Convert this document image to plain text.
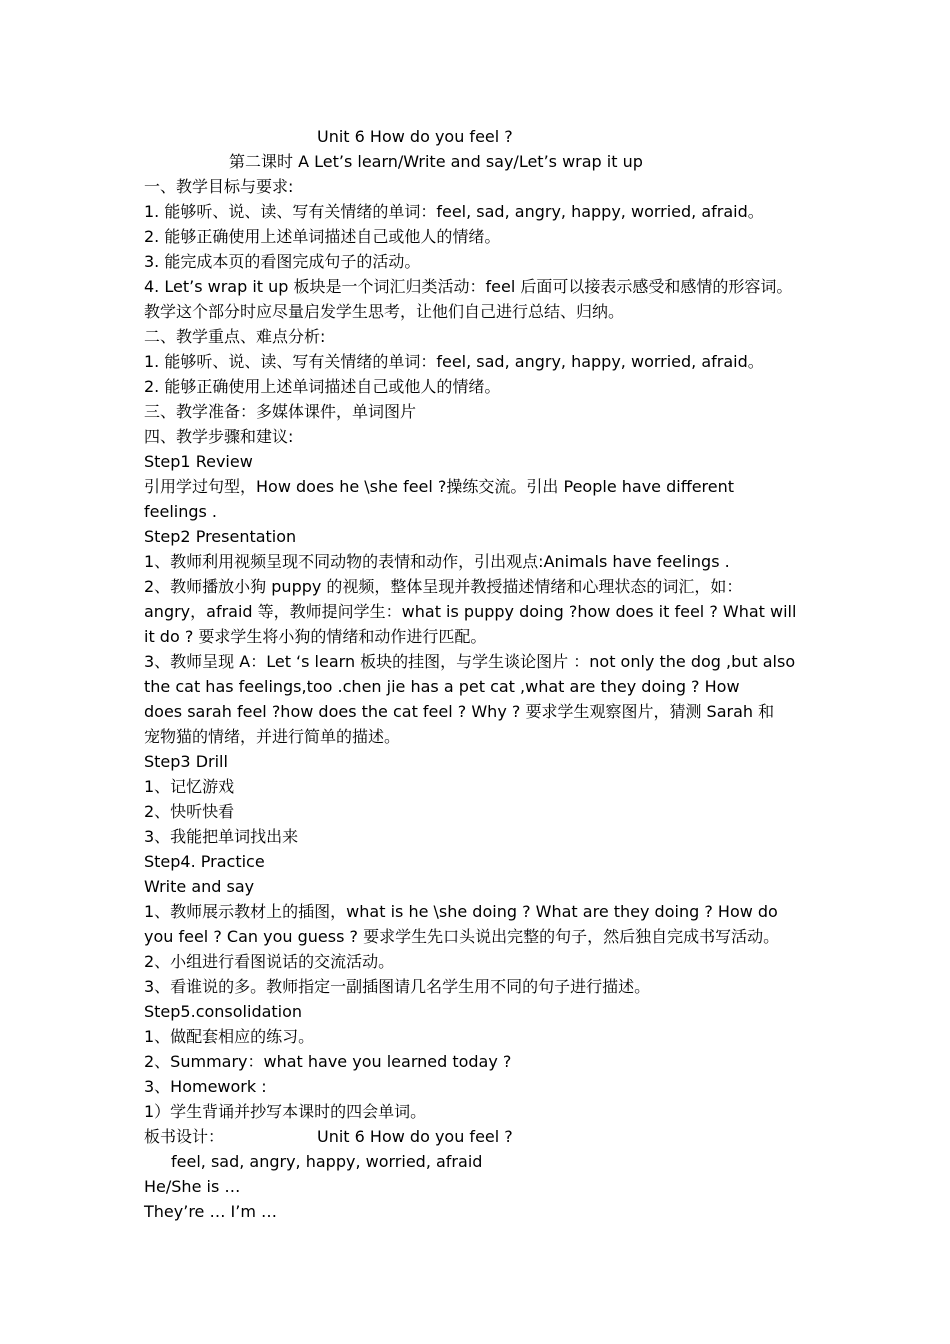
Unit 6 How do you feel ?
第二课时 A Let’s learn/Write and say/Let’s wrap it up
一、教学目标与要求:
1. 能够听、说、读、写有关情绪的单词：feel, sad, angry, happy, worried, afraid。
2. 能够正确使用上述单词描述自己或他人的情绪。
3. 能完成本页的看图完成句子的活动。
4. Let’s wrap it up 板块是一个词汇归类活动：feel 后面可以接表示感受和感情的形容词。
教学这个部分时应尽量启发学生思考，让他们自己进行总结、归纳。
二、教学重点、难点分析:
1. 能够听、说、读、写有关情绪的单词：feel, sad, angry, happy, worried, afraid。
2. 能够正确使用上述单词描述自己或他人的情绪。
三、教学准备：多媒体课件，单词图片
四、教学步骤和建议:
Step1 Review
引用学过句型，How does he \she feel ?操练交流。引出 People have different
feelings .
Step2 Presentation
1、教师利用视频呈现不同动物的表情和动作，引出观点:Animals have feelings .
2、教师播放小狗 puppy 的视频，整体呈现并教授描述情绪和心理状态的词汇，如：
angry，afraid 等，教师提问学生：what is puppy doing ?how does it feel ? What will
it do ? 要求学生将小狗的情绪和动作进行匹配。
3、教师呈现 A：Let ‘s learn 板块的挂图，与学生谈论图片 ：not only the dog ,but also
the cat has feelings,too .chen jie has a pet cat ,what are they doing ? How
does sarah feel ?how does the cat feel ? Why ? 要求学生观察图片，猜测 Sarah 和
宠物猫的情绪，并进行简单的描述。
Step3 Drill
1、记忆游戏
2、快听快看
3、我能把单词找出来
Step4. Practice
Write and say
1、教师展示教材上的插图，what is he \she doing ? What are they doing ? How do
you feel ? Can you guess ? 要求学生先口头说出完整的句子，然后独自完成书写活动。
2、小组进行看图说话的交流活动。
3、看谁说的多。教师指定一副插图请几名学生用不同的句子进行描述。
Step5.consolidation
1、做配套相应的练习。
2、Summary：what have you learned today ?
3、Homework :
1）学生背诵并抄写本课时的四会单词。
板书设计：	Unit 6 How do you feel ?
feel, sad, angry, happy, worried, afraid
He/She is …
They’re … I’m …
